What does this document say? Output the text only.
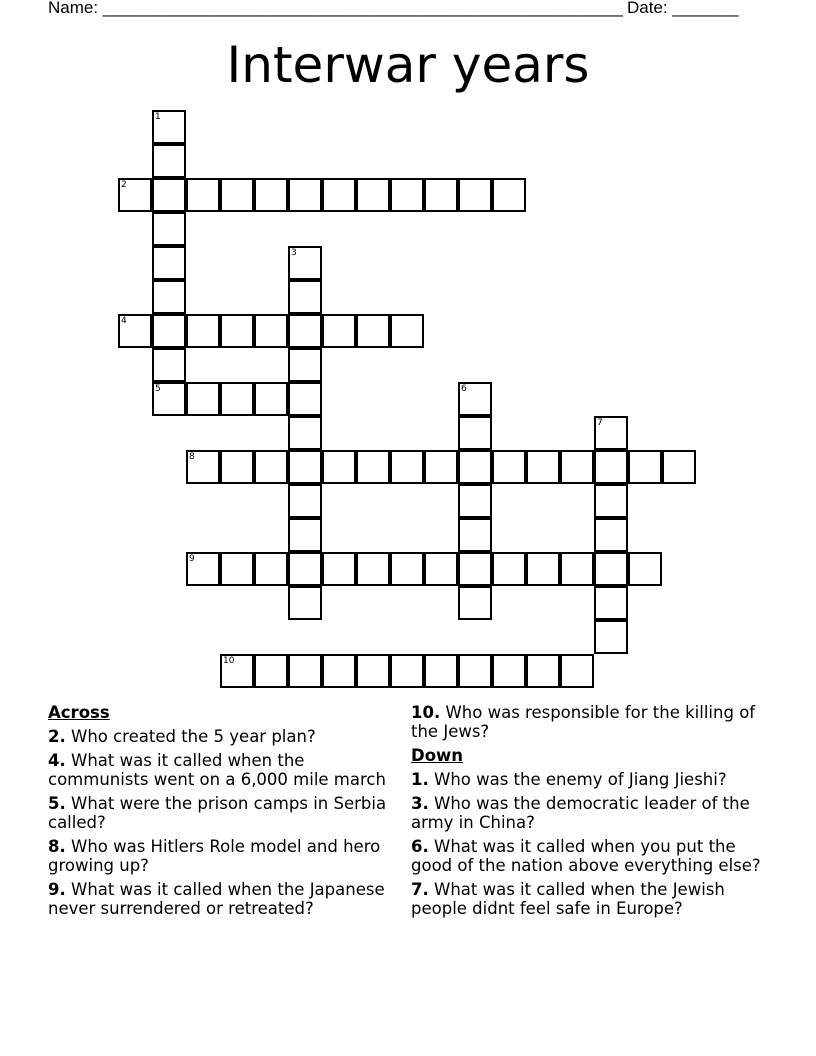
Name: _______________________________________________________ Date: _______
Interwar years
1
2
3
4
5	6
7
8
9
10
Across
2. Who created the 5 year plan?
4. What was it called when the communists went on a 6,000 mile march
5. What were the prison camps in Serbia called?
8. Who was Hitlers Role model and hero growing up?
9. What was it called when the Japanese never surrendered or retreated?
10. Who was responsible for the killing of the Jews?
Down
1. Who was the enemy of Jiang Jieshi?
3. Who was the democratic leader of the army in China?
6. What was it called when you put the good of the nation above everything else?
7. What was it called when the Jewish people didnt feel safe in Europe?
